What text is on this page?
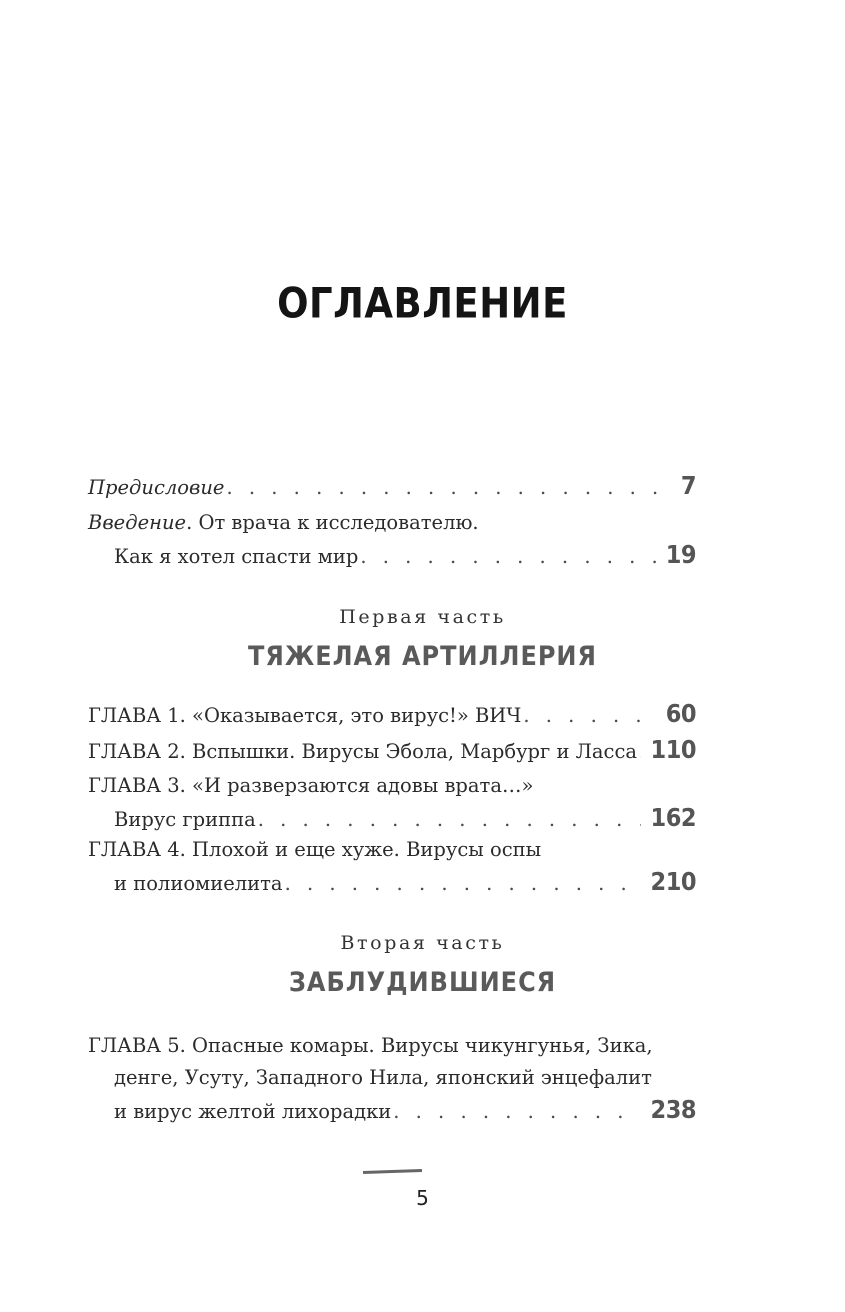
ОГЛАВЛЕНИЕ
Предисловие . . .	7
Введение. От врача к исследователю.
Как я хотел спасти мир . . .	19
Первая часть
ТЯЖЕЛАЯ АРТИЛЛЕРИЯ
ГЛАВА 1. «Оказывается, это вирус!» ВИЧ . . .	60
ГЛАВА 2. Вспышки. Вирусы Эбола, Марбург и Ласса . . . 110
ГЛАВА 3. «И разверзаются адовы врата…»
Вирус гриппа . . .	162
ГЛАВА 4. Плохой и еще хуже. Вирусы оспы
и полиомиелита . . .	210
Вторая часть
ЗАБЛУДИВШИЕСЯ
ГЛАВА 5. Опасные комары. Вирусы чикунгунья, Зика,
денге, Усуту, Западного Нила, японский энцефалит
и вирус желтой лихорадки . . .	238
5
